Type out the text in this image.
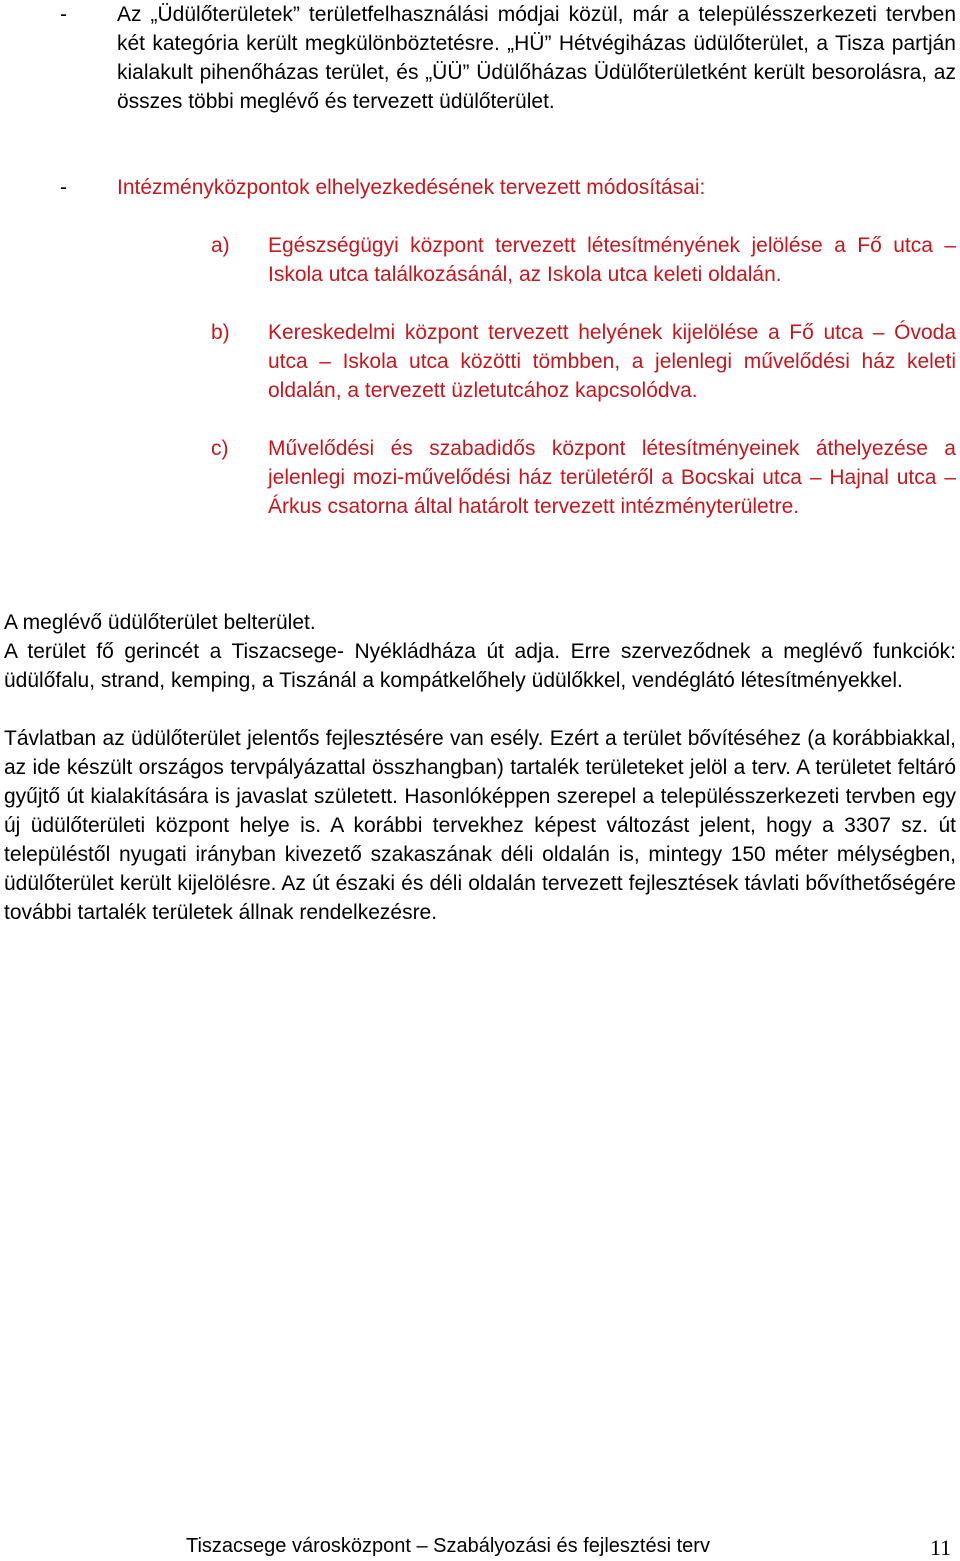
- Az „Üdülőterületek” területfelhasználási módjai közül, már a településszerkezeti tervben két kategória került megkülönböztetésre. „HÜ” Hétvégiházas üdülőterület, a Tisza partján kialakult pihenőházas terület, és „ÜÜ” Üdülőházas Üdülőterületként került besorolásra, az összes többi meglévő és tervezett üdülőterület.
- Intézményközpontok elhelyezkedésének tervezett módosításai:
a) Egészségügyi központ tervezett létesítményének jelölése a Fő utca – Iskola utca találkozásánál, az Iskola utca keleti oldalán.
b) Kereskedelmi központ tervezett helyének kijelölése a Fő utca – Óvoda utca – Iskola utca közötti tömbben, a jelenlegi művelődési ház keleti oldalán, a tervezett üzletutcához kapcsolódva.
c) Művelődési és szabadidős központ létesítményeinek áthelyezése a jelenlegi mozi-művelődési ház területéről a Bocskai utca – Hajnal utca – Árkus csatorna által határolt tervezett intézményterületre.
A meglévő üdülőterület belterület.
A terület fő gerincét a Tiszacsege- Nyékládháza út adja. Erre szerveződnek a meglévő funkciók: üdülőfalu, strand, kemping, a Tiszánál a kompátkelőhely üdülőkkel, vendéglátó létesítményekkel.
Távlatban az üdülőterület jelentős fejlesztésére van esély. Ezért a terület bővítéséhez (a korábbiakkal, az ide készült országos tervpályázattal összhangban) tartalék területeket jelöl a terv. A területet feltáró gyűjtő út kialakítására is javaslat született. Hasonlóképpen szerepel a településszerkezeti tervben egy új üdülőterületi központ helye is. A korábbi tervekhez képest változást jelent, hogy a 3307 sz. út településtől nyugati irányban kivezető szakaszának déli oldalán is, mintegy 150 méter mélységben, üdülőterület került kijelölésre. Az út északi és déli oldalán tervezett fejlesztések távlati bővíthetőségére további tartalék területek állnak rendelkezésre.
Tiszacsege városközpont – Szabályozási és fejlesztési terv	11
